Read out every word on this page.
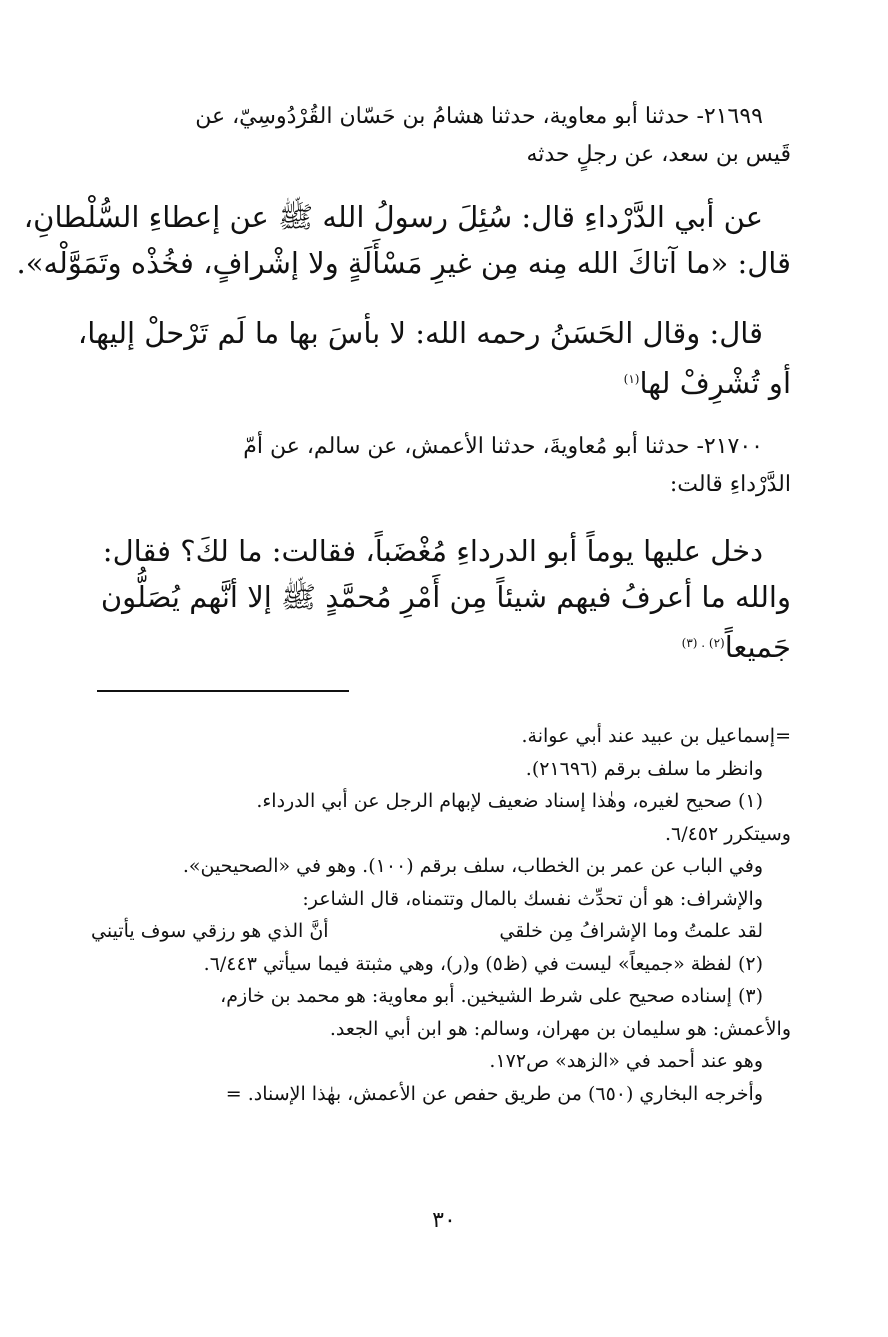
٢١٦٩٩- حدثنا أبو معاوية، حدثنا هشامُ بن حَسّان القُرْدُوسِيّ، عن
قَيس بن سعد، عن رجلٍ حدثه
عن أبي الدَّرْداءِ قال: سُئِلَ رسولُ الله ﷺ عن إعطاءِ السُّلْطانِ،
قال: «ما آتاكَ الله مِنه مِن غيرِ مَسْأَلَةٍ ولا إشْرافٍ، فخُذْه وتَمَوَّلْه».
قال: وقال الحَسَنُ رحمه الله: لا بأسَ بها ما لَم تَرْحلْ إليها،
أو تُشْرِفْ لها$^{(١)}$
٢١٧٠٠- حدثنا أبو مُعاويةَ، حدثنا الأعمش، عن سالم، عن أمّ
الدَّرْداءِ قالت:
دخل عليها يوماً أبو الدرداءِ مُغْضَباً، فقالت: ما لكَ؟ فقال:
والله ما أعرفُ فيهم شيئاً مِن أَمْرِ مُحمَّدٍ ﷺ إلا أنَّهم يُصَلُّون
جَميعاً$^{(٢) . (٣)}$
=إسماعيل بن عبيد عند أبي عوانة.
وانظر ما سلف برقم (٢١٦٩٦).
(١) صحيح لغيره، وهٰذا إسناد ضعيف لإبهام الرجل عن أبي الدرداء.
وسيتكرر ٦/٤٥٢.
وفي الباب عن عمر بن الخطاب، سلف برقم (١٠٠). وهو في «الصحيحين».
والإشراف: هو أن تحدِّث نفسك بالمال وتتمناه، قال الشاعر:
لقد علمتُ وما الإشرافُ مِن خلقي
أنَّ الذي هو رزقي سوف يأتيني
(٢) لفظة «جميعاً» ليست في (ظ٥) و(ر)، وهي مثبتة فيما سيأتي ٦/٤٤٣.
(٣) إسناده صحيح على شرط الشيخين. أبو معاوية: هو محمد بن خازم،
والأعمش: هو سليمان بن مهران، وسالم: هو ابن أبي الجعد.
وهو عند أحمد في «الزهد» ص١٧٢.
وأخرجه البخاري (٦٥٠) من طريق حفص عن الأعمش، بهٰذا الإسناد. =
٣٠
